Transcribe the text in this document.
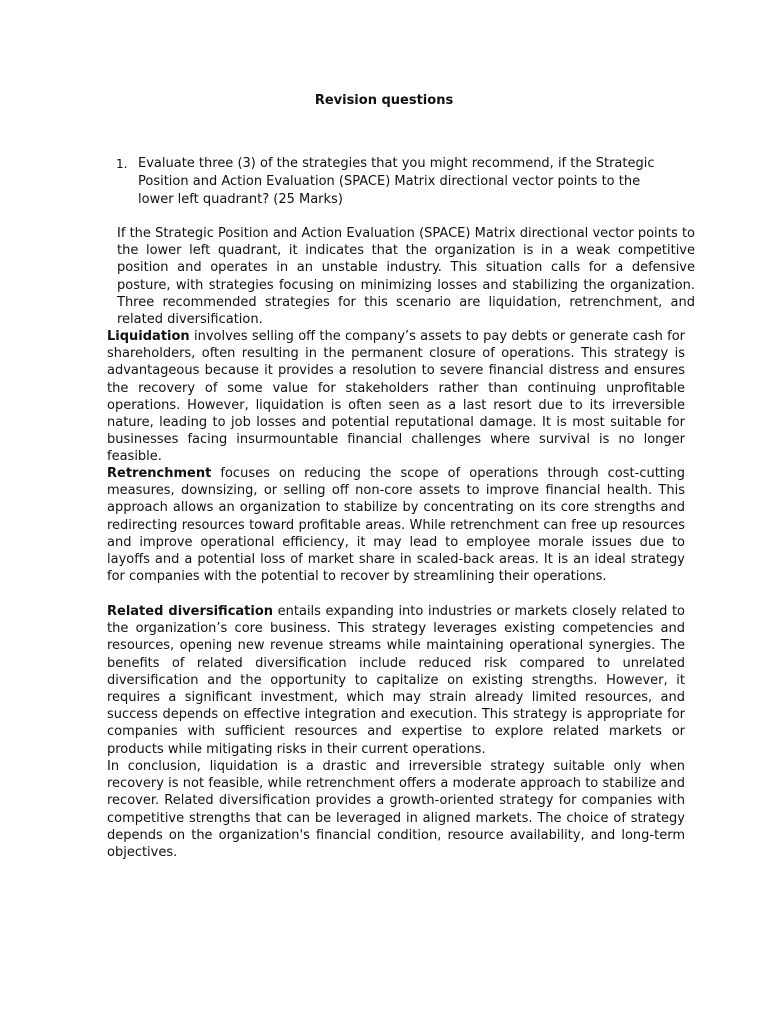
Revision questions
1. Evaluate three (3) of the strategies that you might recommend, if the Strategic Position and Action Evaluation (SPACE) Matrix directional vector points to the lower left quadrant? (25 Marks)

If the Strategic Position and Action Evaluation (SPACE) Matrix directional vector points to the lower left quadrant, it indicates that the organization is in a weak competitive position and operates in an unstable industry. This situation calls for a defensive posture, with strategies focusing on minimizing losses and stabilizing the organization. Three recommended strategies for this scenario are liquidation, retrenchment, and related diversification.

Liquidation involves selling off the company’s assets to pay debts or generate cash for shareholders, often resulting in the permanent closure of operations. This strategy is advantageous because it provides a resolution to severe financial distress and ensures the recovery of some value for stakeholders rather than continuing unprofitable operations. However, liquidation is often seen as a last resort due to its irreversible nature, leading to job losses and potential reputational damage. It is most suitable for businesses facing insurmountable financial challenges where survival is no longer feasible.

Retrenchment focuses on reducing the scope of operations through cost-cutting measures, downsizing, or selling off non-core assets to improve financial health. This approach allows an organization to stabilize by concentrating on its core strengths and redirecting resources toward profitable areas. While retrenchment can free up resources and improve operational efficiency, it may lead to employee morale issues due to layoffs and a potential loss of market share in scaled-back areas. It is an ideal strategy for companies with the potential to recover by streamlining their operations.

Related diversification entails expanding into industries or markets closely related to the organization’s core business. This strategy leverages existing competencies and resources, opening new revenue streams while maintaining operational synergies. The benefits of related diversification include reduced risk compared to unrelated diversification and the opportunity to capitalize on existing strengths. However, it requires a significant investment, which may strain already limited resources, and success depends on effective integration and execution. This strategy is appropriate for companies with sufficient resources and expertise to explore related markets or products while mitigating risks in their current operations.

In conclusion, liquidation is a drastic and irreversible strategy suitable only when recovery is not feasible, while retrenchment offers a moderate approach to stabilize and recover. Related diversification provides a growth-oriented strategy for companies with competitive strengths that can be leveraged in aligned markets. The choice of strategy depends on the organization's financial condition, resource availability, and long-term objectives.
